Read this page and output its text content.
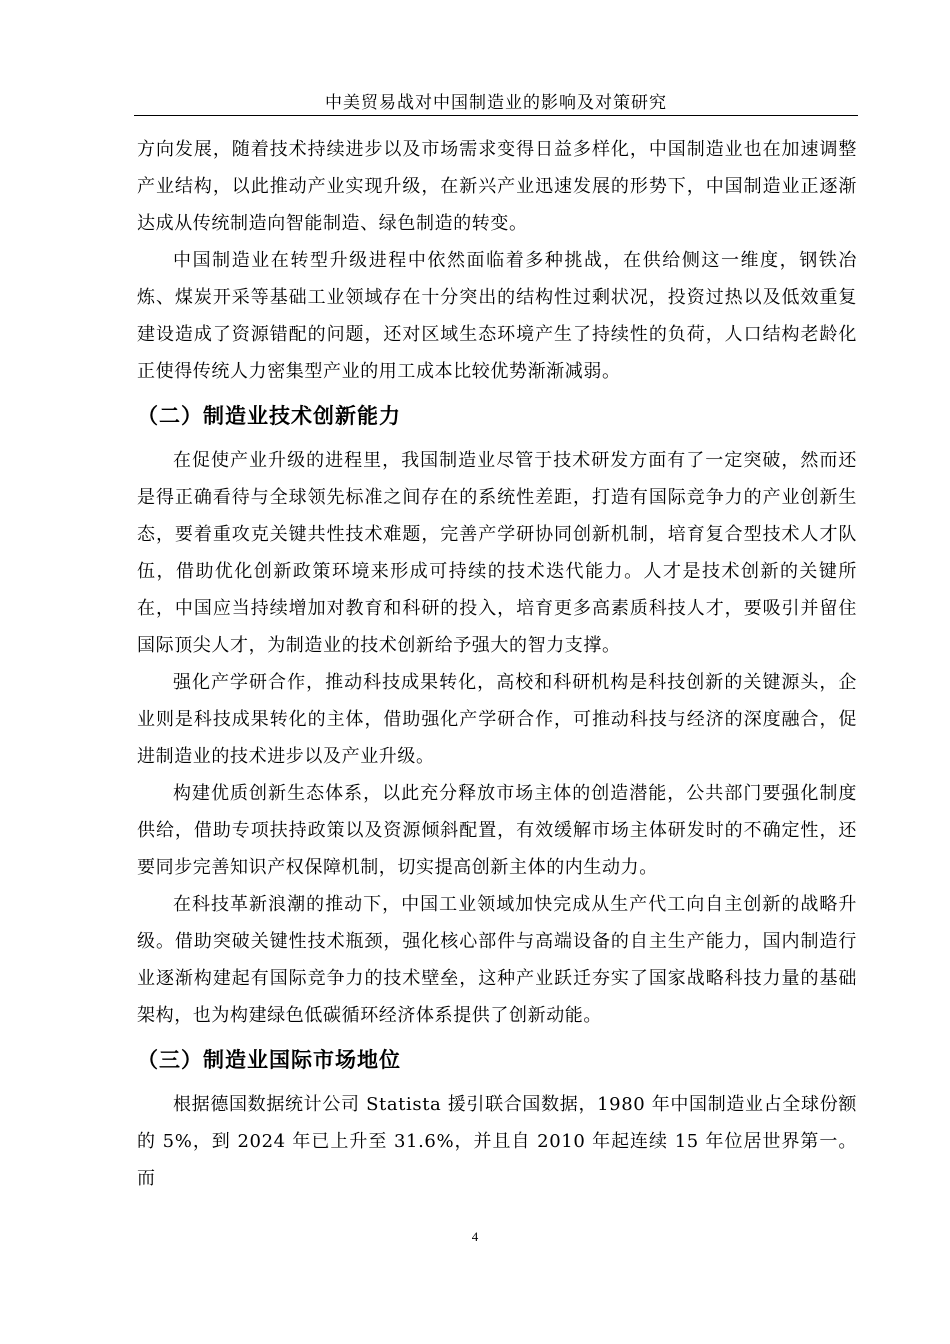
中美贸易战对中国制造业的影响及对策研究

方向发展，随着技术持续进步以及市场需求变得日益多样化，中国制造业也在加速调整产业结构，以此推动产业实现升级，在新兴产业迅速发展的形势下，中国制造业正逐渐达成从传统制造向智能制造、绿色制造的转变。

中国制造业在转型升级进程中依然面临着多种挑战，在供给侧这一维度，钢铁冶炼、煤炭开采等基础工业领域存在十分突出的结构性过剩状况，投资过热以及低效重复建设造成了资源错配的问题，还对区域生态环境产生了持续性的负荷，人口结构老龄化正使得传统人力密集型产业的用工成本比较优势渐渐减弱。

（二）制造业技术创新能力

在促使产业升级的进程里，我国制造业尽管于技术研发方面有了一定突破，然而还是得正确看待与全球领先标准之间存在的系统性差距，打造有国际竞争力的产业创新生态，要着重攻克关键共性技术难题，完善产学研协同创新机制，培育复合型技术人才队伍，借助优化创新政策环境来形成可持续的技术迭代能力。人才是技术创新的关键所在，中国应当持续增加对教育和科研的投入，培育更多高素质科技人才，要吸引并留住国际顶尖人才，为制造业的技术创新给予强大的智力支撑。

强化产学研合作，推动科技成果转化，高校和科研机构是科技创新的关键源头，企业则是科技成果转化的主体，借助强化产学研合作，可推动科技与经济的深度融合，促进制造业的技术进步以及产业升级。

构建优质创新生态体系，以此充分释放市场主体的创造潜能，公共部门要强化制度供给，借助专项扶持政策以及资源倾斜配置，有效缓解市场主体研发时的不确定性，还要同步完善知识产权保障机制，切实提高创新主体的内生动力。

在科技革新浪潮的推动下，中国工业领域加快完成从生产代工向自主创新的战略升级。借助突破关键性技术瓶颈，强化核心部件与高端设备的自主生产能力，国内制造行业逐渐构建起有国际竞争力的技术壁垒，这种产业跃迁夯实了国家战略科技力量的基础架构，也为构建绿色低碳循环经济体系提供了创新动能。

（三）制造业国际市场地位

根据德国数据统计公司 Statista 援引联合国数据，1980 年中国制造业占全球份额的 5%，到 2024 年已上升至 31.6%，并且自 2010 年起连续 15 年位居世界第一。而

4
